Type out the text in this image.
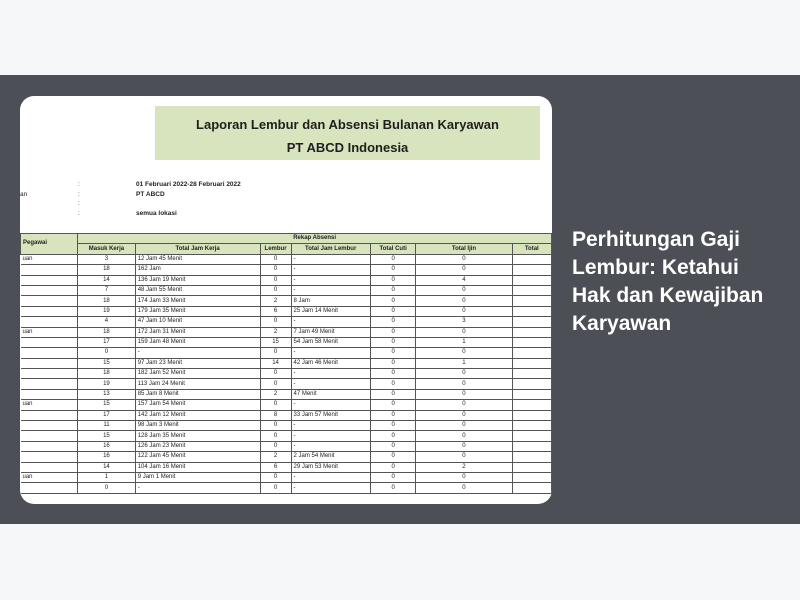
Laporan Lembur dan Absensi Bulanan Karyawan
PT ABCD Indonesia
:	01 Februari 2022-28 Februari 2022
an	:	PT ABCD
:
:	semua lokasi
Pegawai	Rekap Absensi						
	Masuk Kerja	Total Jam Kerja	Lembur	Total Jam Lembur	Total Cuti	Total Ijin	Total
uan	3	12 Jam 45 Menit	0	-	0	0	
	18	162 Jam	0	-	0	0	
	14	136 Jam 19 Menit	0	-	0	4	
	7	48 Jam 55 Menit	0	-	0	0	
	18	174 Jam 33 Menit	2	8 Jam	0	0	
	19	179 Jam 35 Menit	6	25 Jam 14 Menit	0	0	
	4	47 Jam 10 Menit	0	-	0	3	
uan	18	172 Jam 31 Menit	2	7 Jam 49 Menit	0	0	
	17	159 Jam 48 Menit	15	54 Jam 58 Menit	0	1	
	0	-	0	-	0	0	
	15	97 Jam 23 Menit	14	42 Jam 46 Menit	0	1	
	18	182 Jam 52 Menit	0	-	0	0	
	19	113 Jam 24 Menit	0	-	0	0	
	13	85 Jam 8 Menit	2	47 Menit	0	0	
uan	15	157 Jam 54 Menit	0	-	0	0	
	17	142 Jam 12 Menit	8	33 Jam 57 Menit	0	0	
	11	98 Jam 3 Menit	0	-	0	0	
	15	128 Jam 35 Menit	0	-	0	0	
	16	126 Jam 23 Menit	0	-	0	0	
	16	122 Jam 45 Menit	2	2 Jam 54 Menit	0	0	
	14	104 Jam 16 Menit	6	29 Jam 53 Menit	0	2	
uan	1	9 Jam 1 Menit	0	-	0	0	
	0	-	0	-	0	0	
Perhitungan Gaji Lembur: Ketahui Hak dan Kewajiban Karyawan
